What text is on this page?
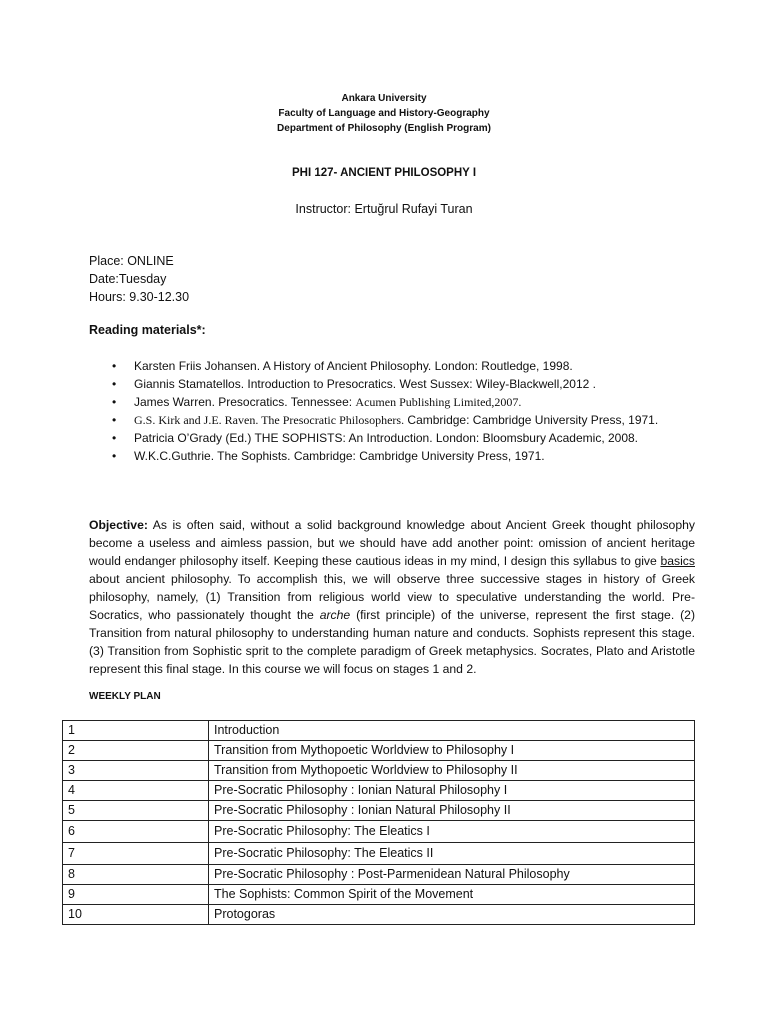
Ankara University
Faculty of Language and History-Geography
Department of Philosophy (English Program)
PHI 127- ANCIENT PHILOSOPHY I
Instructor: Ertuğrul Rufayi Turan
Place: ONLINE
Date:Tuesday
Hours: 9.30-12.30
Reading materials*:
• Karsten Friis Johansen. A History of Ancient Philosophy. London: Routledge, 1998.
• Giannis Stamatellos. Introduction to Presocratics. West Sussex: Wiley-Blackwell,2012 .
• James Warren. Presocratics. Tennessee: Acumen Publishing Limited,2007.
• G.S. Kirk and J.E. Raven. The Presocratic Philosophers. Cambridge: Cambridge University Press, 1971.
• Patricia O’Grady (Ed.) THE SOPHISTS: An Introduction. London: Bloomsbury Academic, 2008.
• W.K.C.Guthrie. The Sophists. Cambridge: Cambridge University Press, 1971.
Objective: As is often said, without a solid background knowledge about Ancient Greek thought philosophy become a useless and aimless passion, but we should have add another point: omission of ancient heritage would endanger philosophy itself. Keeping these cautious ideas in my mind, I design this syllabus to give basics about ancient philosophy. To accomplish this, we will observe three successive stages in history of Greek philosophy, namely, (1) Transition from religious world view to speculative understanding the world. Pre-Socratics, who passionately thought the arche (first principle) of the universe, represent the first stage. (2) Transition from natural philosophy to understanding human nature and conducts. Sophists represent this stage. (3) Transition from Sophistic sprit to the complete paradigm of Greek metaphysics. Socrates, Plato and Aristotle represent this final stage. In this course we will focus on stages 1 and 2.
WEEKLY PLAN
1	Introduction
2	Transition from Mythopoetic Worldview to Philosophy I
3	Transition from Mythopoetic Worldview to Philosophy II
4	Pre-Socratic Philosophy : Ionian Natural Philosophy I
5	Pre-Socratic Philosophy : Ionian Natural Philosophy II
6	Pre-Socratic Philosophy: The Eleatics I
7	Pre-Socratic Philosophy: The Eleatics II
8	Pre-Socratic Philosophy : Post-Parmenidean Natural Philosophy
9	The Sophists: Common Spirit of the Movement
10	Protogoras
